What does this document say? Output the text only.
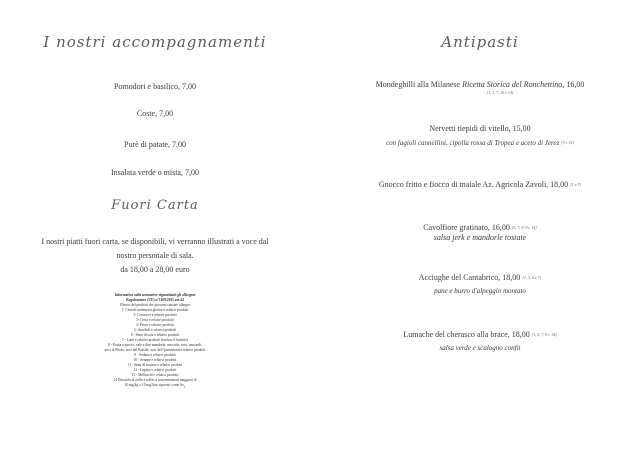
I nostri accompagnamenti
Pomodori e basilico, 7,00
Coste, 7,00
Purè di patate, 7,00
Insalata verde o mista, 7,00
Fuori Carta
I nostri piatti fuori carta, se disponibili, vi verranno illustrati a voce dal
nostro personale di sala.
da 18,00 a 28,00 euro
Informativa sulle normative riguardanti gli allergeni
Regolamento (UE) n°1169/2011 art.44
Elenco dei prodotti che possono causare allergie
1- Cereali contenenti glutine e relativi prodotti
2- Crostacei e relativi prodotti
3- Uova e relativi prodotti
4- Pesce e relativi prodotti
5- Arachidi e relativi prodotti
6 - Semi di soia e relativi prodotti
7 - Latte e relativi prodotti (incluso il lattosio)
8 - Frutta a guscio, vale a dire mandorle, nocciole, noci, anacardi,
noci di Pecan, noci del Brasile, noci del Queensland e relativi prodotti
9 - Sedano e relativi prodotti
10 - Senape e relativi prodotti
11 - Semi di sesamo e relativi prodotti
12 - Lupino e relativi prodotti
13 - Molluschi e relativi prodotti
14 Diossido di zolfo e solfiti a concentrazioni maggiori di
10 mg/kg o 10 mg/litro riportati come $So_2$
Antipasti
Mondeghilli alla Milanese Ricetta Storica del Ronchettino, 16,00
[1, 3, 7, 10 e 14]
Nervetti tiepidi di vitello, 15,00
con fagioli cannellini, cipolla rossa di Tropea e aceto di Jerez [9 e 14]
Gnocco fritto e fiocco di maiale Az. Agricola Zavoli, 18,00 [1 e 5]
Cavolfiore gratinato, 16,00 [6, 7, 9, 9 e 14]
salsa jerk e mandorle tostate
Acciughe del Cantabrico, 18,00 [1, 3, 4 e 7]
pane e burro d'alpeggio montato
Lumache del cherasco alla brace, 18,00 [1, 4, 7, 9 e 14]
salsa verde e scalogno confit
